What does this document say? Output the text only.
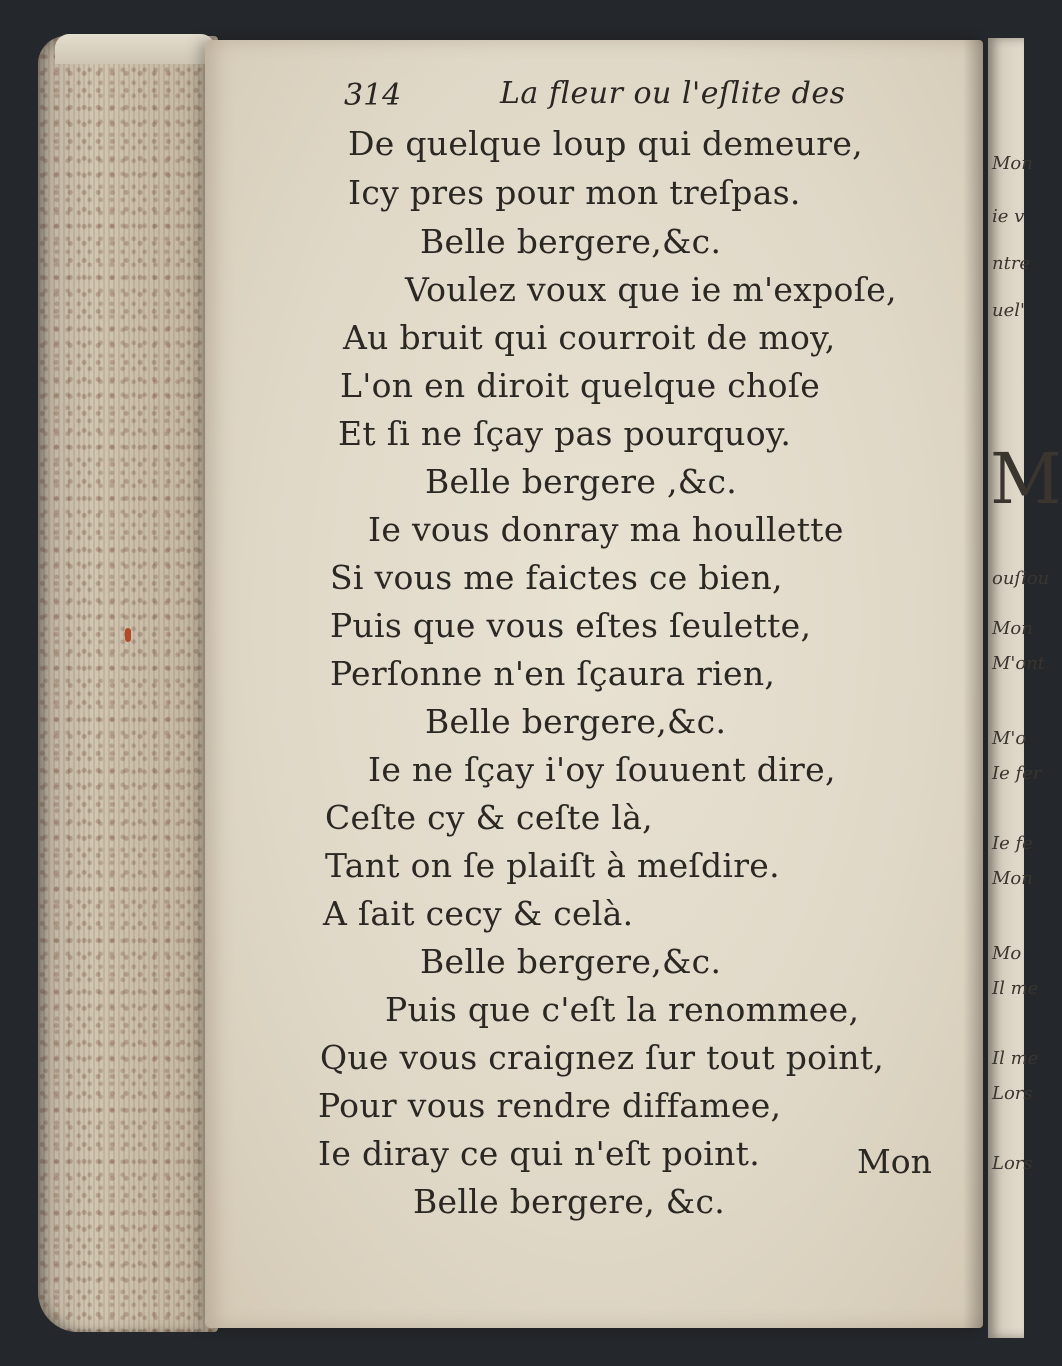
314	La fleur ou l'eſlite des
De quelque loup qui demeure,
Icy pres pour mon treſpas.
Belle bergere,&c.
Voulez voux que ie m'expoſe,
Au bruit qui courroit de moy,
L'on en diroit quelque choſe
Et ſi ne ſçay pas pourquoy.
Belle bergere ,&c.
Ie vous donray ma houllette
Si vous me faictes ce bien,
Puis que vous eſtes ſeulette,
Perſonne n'en ſçaura rien,
Belle bergere,&c.
Ie ne ſçay i'oy ſouuent dire,
Ceſte cy & ceſte là,
Tant on ſe plaiſt à meſdire.
A ſait cecy & celà.
Belle bergere,&c.
Puis que c'eſt la renommee,
Que vous craignez ſur tout point,
Pour vous rendre diffamee,
Ie diray ce qui n'eſt point.
Belle bergere, &c.
Mon
Mon
ie v
ntre
uel'
M
ouſiou
Mon
M'ont
M'o
Ie fer
Ie fe
Mon
Mo
Il me
Il me
Lors
Lors
